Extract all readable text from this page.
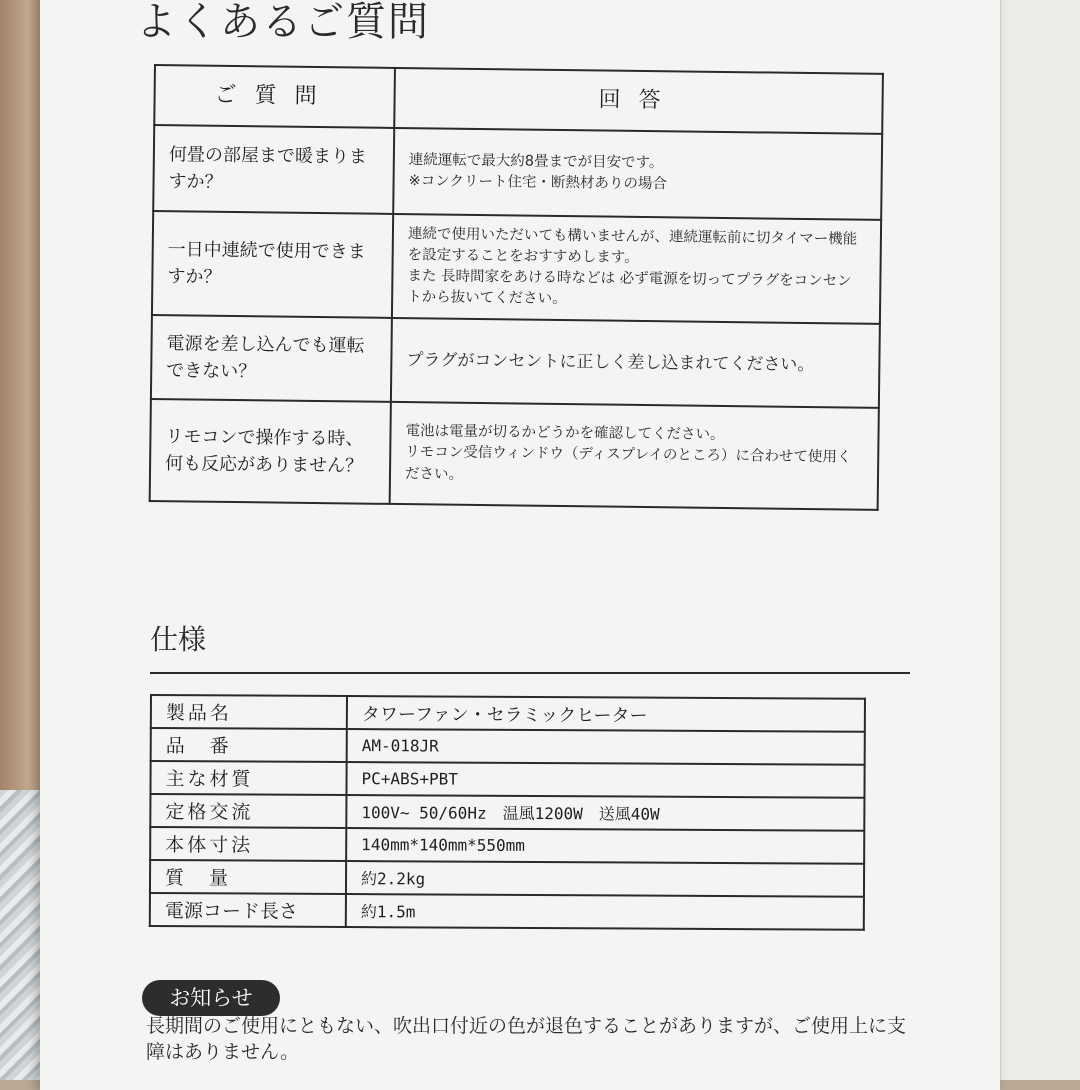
よくあるご質問
ご質問	回答
何畳の部屋まで暖まりますか？	連続運転で最大約8畳までが目安です。
※コンクリート住宅・断熱材ありの場合
一日中連続で使用できますか？	連続で使用いただいても構いませんが、連続運転前に切タイマー機能を設定することをおすすめします。
また 長時間家をあける時などは 必ず電源を切ってプラグをコンセントから抜いてください。
電源を差し込んでも運転できない？	プラグがコンセントに正しく差し込まれてください。
リモコンで操作する時、何も反応がありません？	電池は電量が切るかどうかを確認してください。
リモコン受信ウィンドウ（ディスプレイのところ）に合わせて使用ください。
仕様
製品名	タワーファン・セラミックヒーター
品　番	AM-018JR
主な材質	PC+ABS+PBT
定格交流	100V~ 50/60Hz　温風1200W　送風40W
本体寸法	140mm*140mm*550mm
質　量	約2.2kg
電源コード長さ	約1.5m
お知らせ
長期間のご使用にともない、吹出口付近の色が退色することがありますが、ご使用上に支障はありません。
